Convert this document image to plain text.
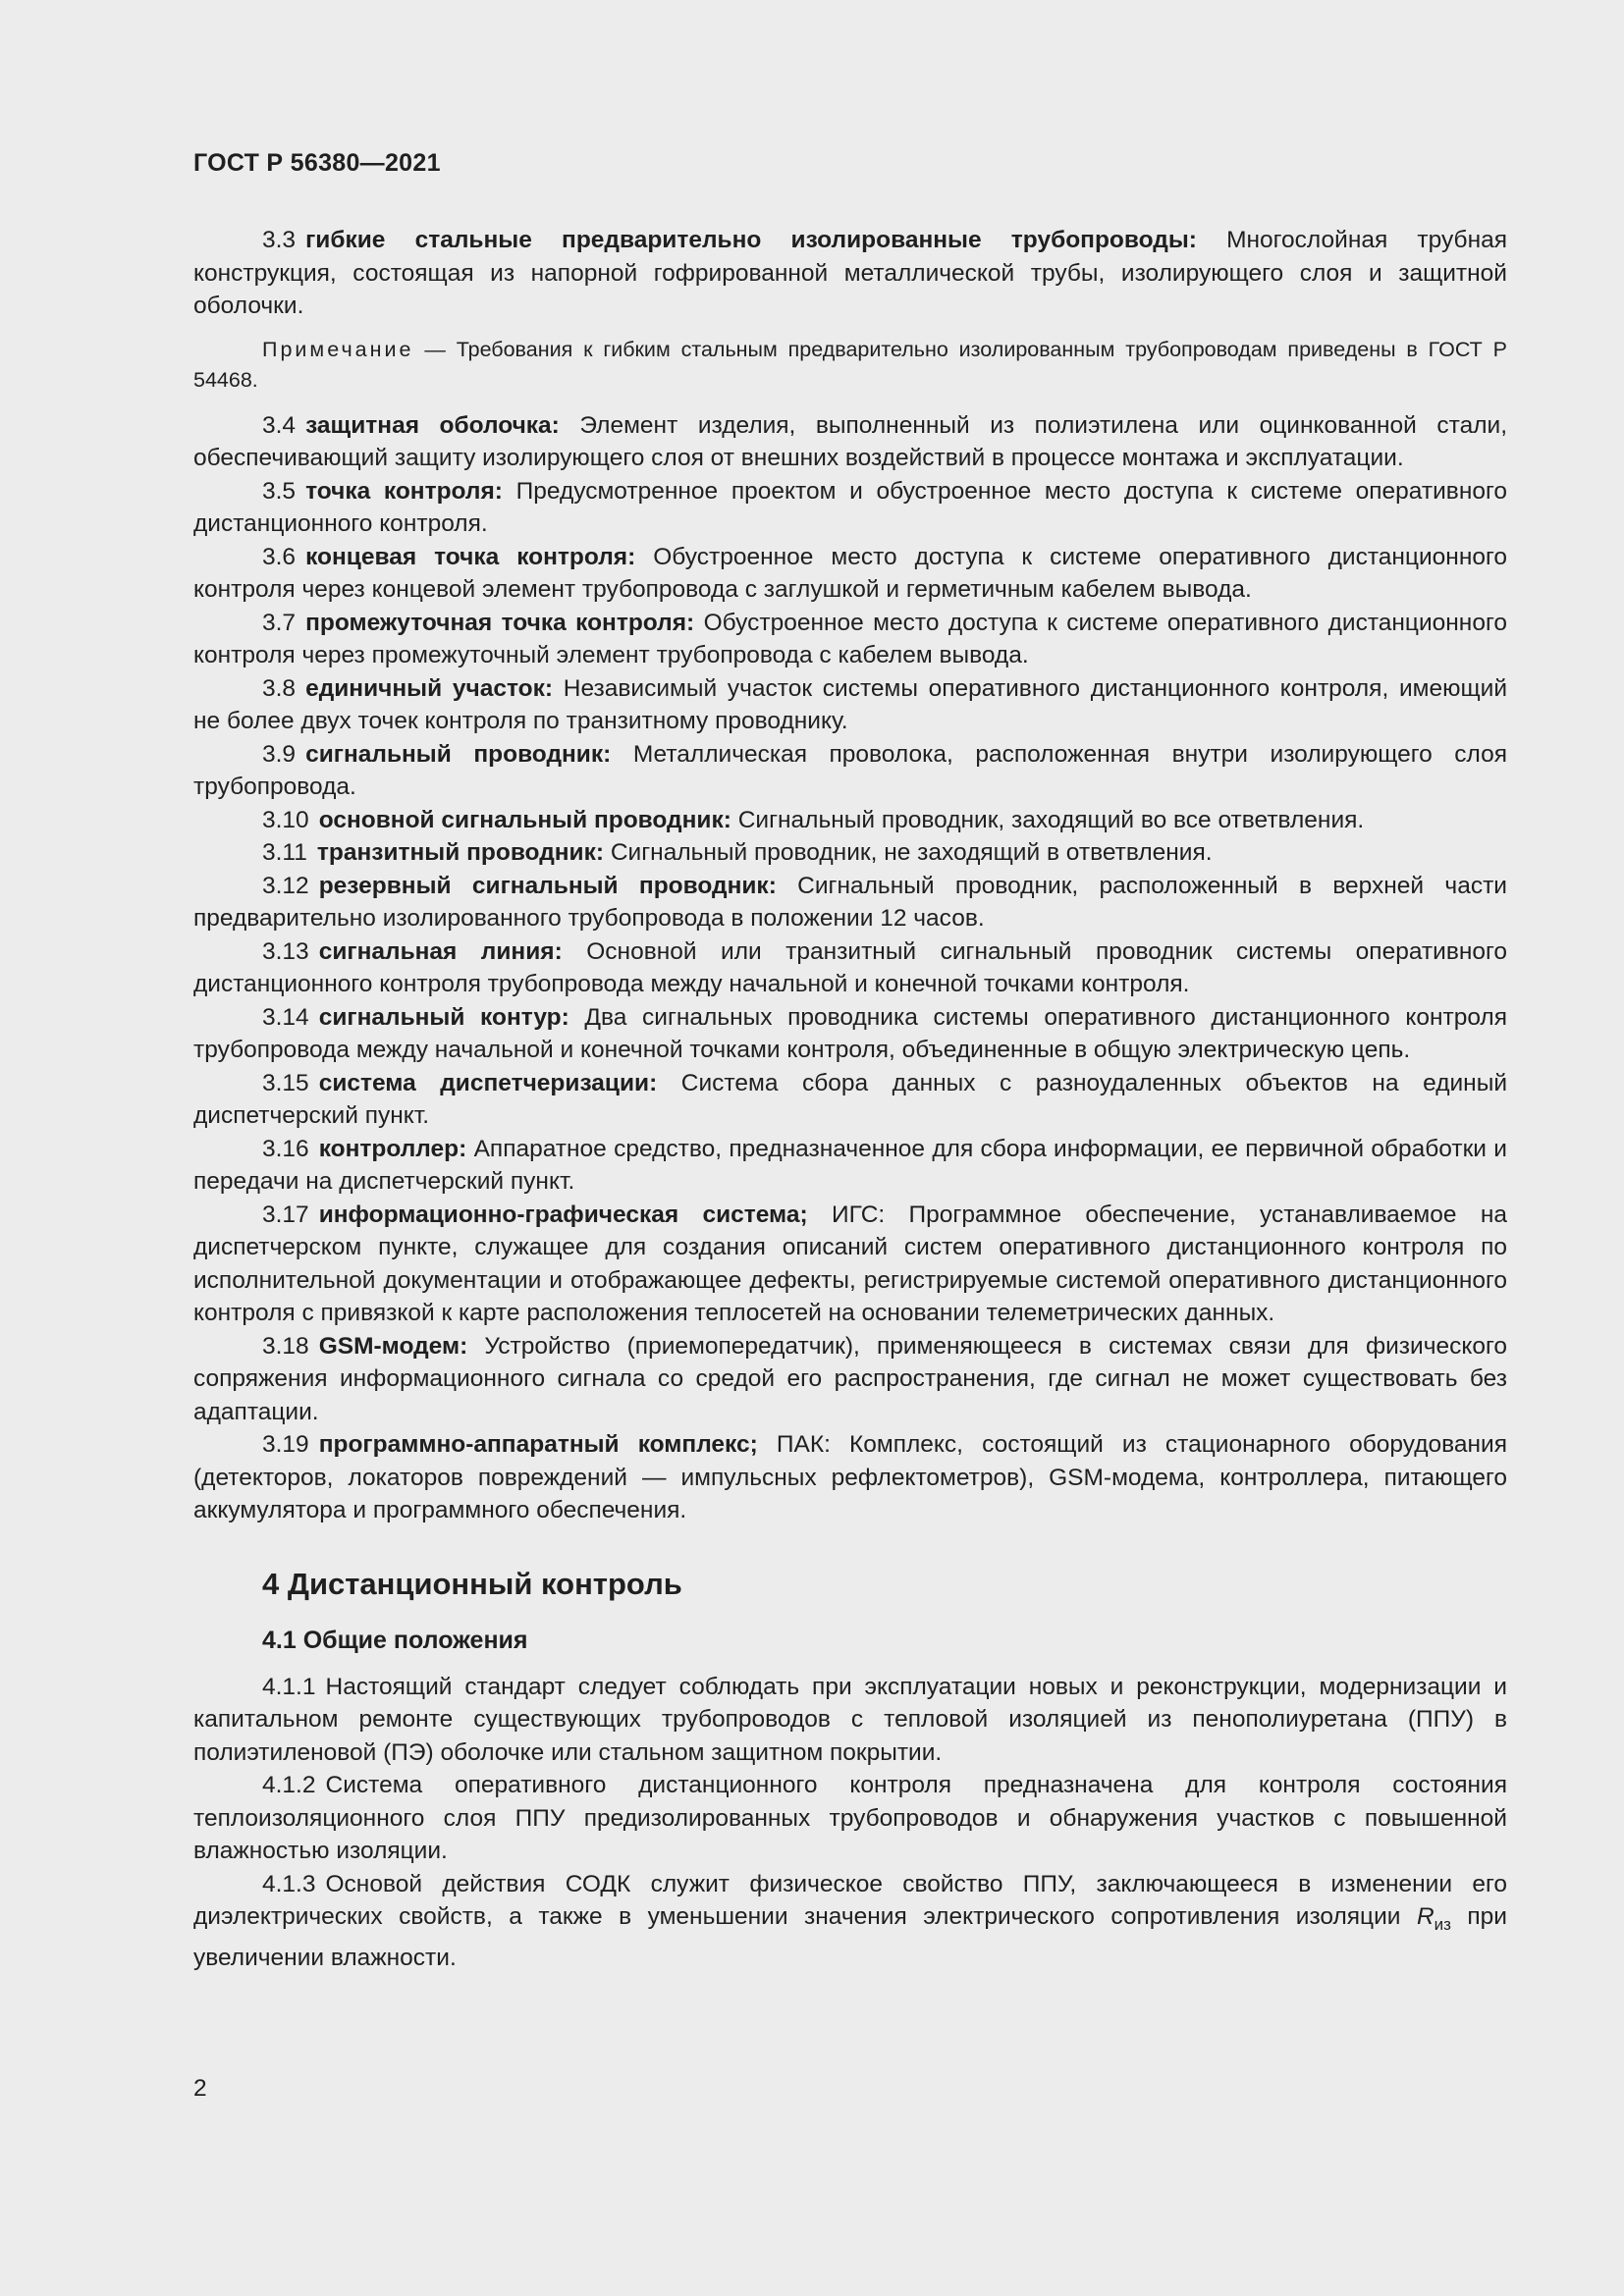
ГОСТ Р 56380—2021

3.3 гибкие стальные предварительно изолированные трубопроводы: Многослойная трубная конструкция, состоящая из напорной гофрированной металлической трубы, изолирующего слоя и защитной оболочки.

Примечание — Требования к гибким стальным предварительно изолированным трубопроводам приведены в ГОСТ Р 54468.

3.4 защитная оболочка: Элемент изделия, выполненный из полиэтилена или оцинкованной стали, обеспечивающий защиту изолирующего слоя от внешних воздействий в процессе монтажа и эксплуатации.

3.5 точка контроля: Предусмотренное проектом и обустроенное место доступа к системе оперативного дистанционного контроля.

3.6 концевая точка контроля: Обустроенное место доступа к системе оперативного дистанционного контроля через концевой элемент трубопровода с заглушкой и герметичным кабелем вывода.

3.7 промежуточная точка контроля: Обустроенное место доступа к системе оперативного дистанционного контроля через промежуточный элемент трубопровода с кабелем вывода.

3.8 единичный участок: Независимый участок системы оперативного дистанционного контроля, имеющий не более двух точек контроля по транзитному проводнику.

3.9 сигнальный проводник: Металлическая проволока, расположенная внутри изолирующего слоя трубопровода.

3.10 основной сигнальный проводник: Сигнальный проводник, заходящий во все ответвления.

3.11 транзитный проводник: Сигнальный проводник, не заходящий в ответвления.

3.12 резервный сигнальный проводник: Сигнальный проводник, расположенный в верхней части предварительно изолированного трубопровода в положении 12 часов.

3.13 сигнальная линия: Основной или транзитный сигнальный проводник системы оперативного дистанционного контроля трубопровода между начальной и конечной точками контроля.

3.14 сигнальный контур: Два сигнальных проводника системы оперативного дистанционного контроля трубопровода между начальной и конечной точками контроля, объединенные в общую электрическую цепь.

3.15 система диспетчеризации: Система сбора данных с разноудаленных объектов на единый диспетчерский пункт.

3.16 контроллер: Аппаратное средство, предназначенное для сбора информации, ее первичной обработки и передачи на диспетчерский пункт.

3.17 информационно-графическая система; ИГС: Программное обеспечение, устанавливаемое на диспетчерском пункте, служащее для создания описаний систем оперативного дистанционного контроля по исполнительной документации и отображающее дефекты, регистрируемые системой оперативного дистанционного контроля с привязкой к карте расположения теплосетей на основании телеметрических данных.

3.18 GSM-модем: Устройство (приемопередатчик), применяющееся в системах связи для физического сопряжения информационного сигнала со средой его распространения, где сигнал не может существовать без адаптации.

3.19 программно-аппаратный комплекс; ПАК: Комплекс, состоящий из стационарного оборудования (детекторов, локаторов повреждений — импульсных рефлектометров), GSM-модема, контроллера, питающего аккумулятора и программного обеспечения.

4 Дистанционный контроль
4.1 Общие положения

4.1.1 Настоящий стандарт следует соблюдать при эксплуатации новых и реконструкции, модернизации и капитальном ремонте существующих трубопроводов с тепловой изоляцией из пенополиуретана (ППУ) в полиэтиленовой (ПЭ) оболочке или стальном защитном покрытии.

4.1.2 Система оперативного дистанционного контроля предназначена для контроля состояния теплоизоляционного слоя ППУ предизолированных трубопроводов и обнаружения участков с повышенной влажностью изоляции.

4.1.3 Основой действия СОДК служит физическое свойство ППУ, заключающееся в изменении его диэлектрических свойств, а также в уменьшении значения электрического сопротивления изоляции $R_{из}$ при увеличении влажности.

2
